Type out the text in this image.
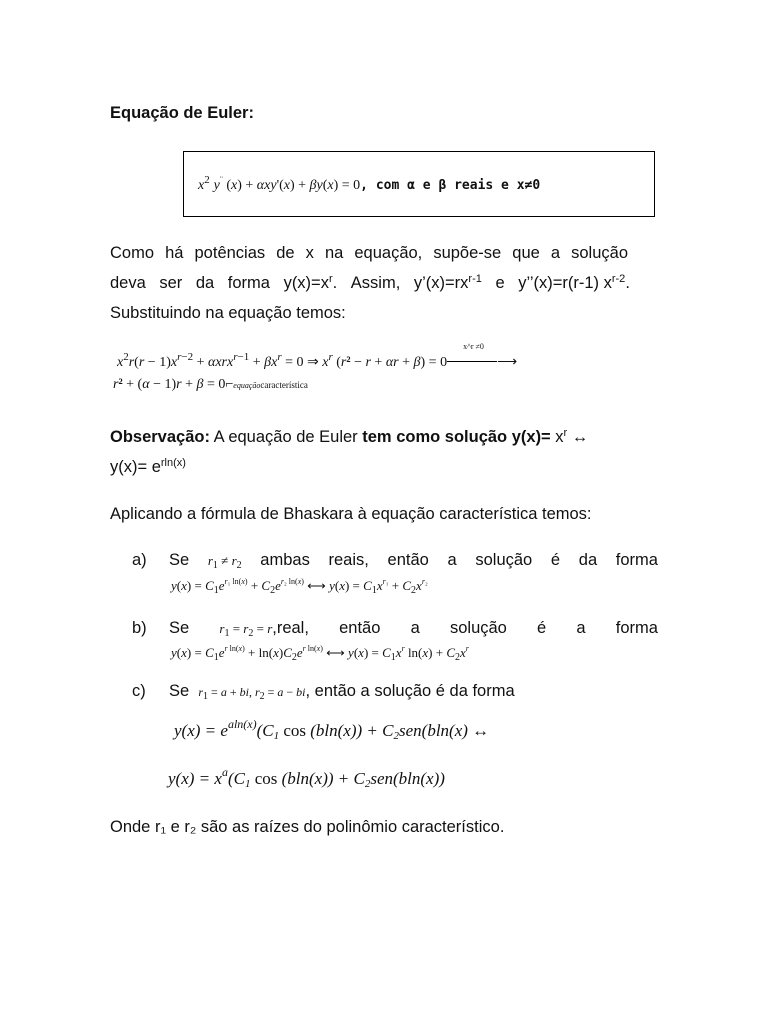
Equação de Euler:
$x^2$ y¨ (x) + αxy'(x) + βy(x) = 0, com α e β reais e x≠0
Como há potências de x na equação, supõe-se que a solução
deva ser da forma $y(x)=x^r$. Assim, $y’(x)=rx^{r-1}$ e y’’(x)=r(r-1) $x^{r-2}$.
Substituindo na equação temos:
$x^2r(r - 1)x^{r-2} + \alpha xrx^{r-1} + \beta x^r = 0$ ⇒ $x^r$ (r² − r + αr + β) = 0
x^r ≠0
⟶
r² + (α − 1)r + β = 0⌐equaçãocaracterística
Observação: A equação de Euler tem como solução $y(x)= x^r$ ↔
$y(x)= e^{rln(x)}$
Aplicando a fórmula de Bhaskara à equação característica temos:
a) Se $r_1 \ne r_2$ ambas reais, então a solução é da forma
$y(x) = C_1e^{r_1 ln(x)} + C_2e^{r_2 ln(x)}$ ⟷ $y(x) = C_1x^{r_1} + C_2x^{r_2}$
b) Se $r_1 = r_2$ = r,real, então a solução é a forma
$y(x) = C_1e^{r ln(x)} + \ln(x)C_2e^{r ln(x)}$ ⟷ $y(x) = C_1x^r$ $\ln(x) + C_2x^r$
c) Se $r_1 = a$ + bi, $r_2 = a$ − bi, então a solução é da forma
$y(x) = e^{aln(x)}(C_1$ $\cos (bln(x)) + C_2sen(bln(x)$ ↔
$y(x) = x^a(C_1$ $\cos (bln(x)) + C_2sen(bln(x))$
Onde r₁ e r₂ são as raízes do polinômio característico.
